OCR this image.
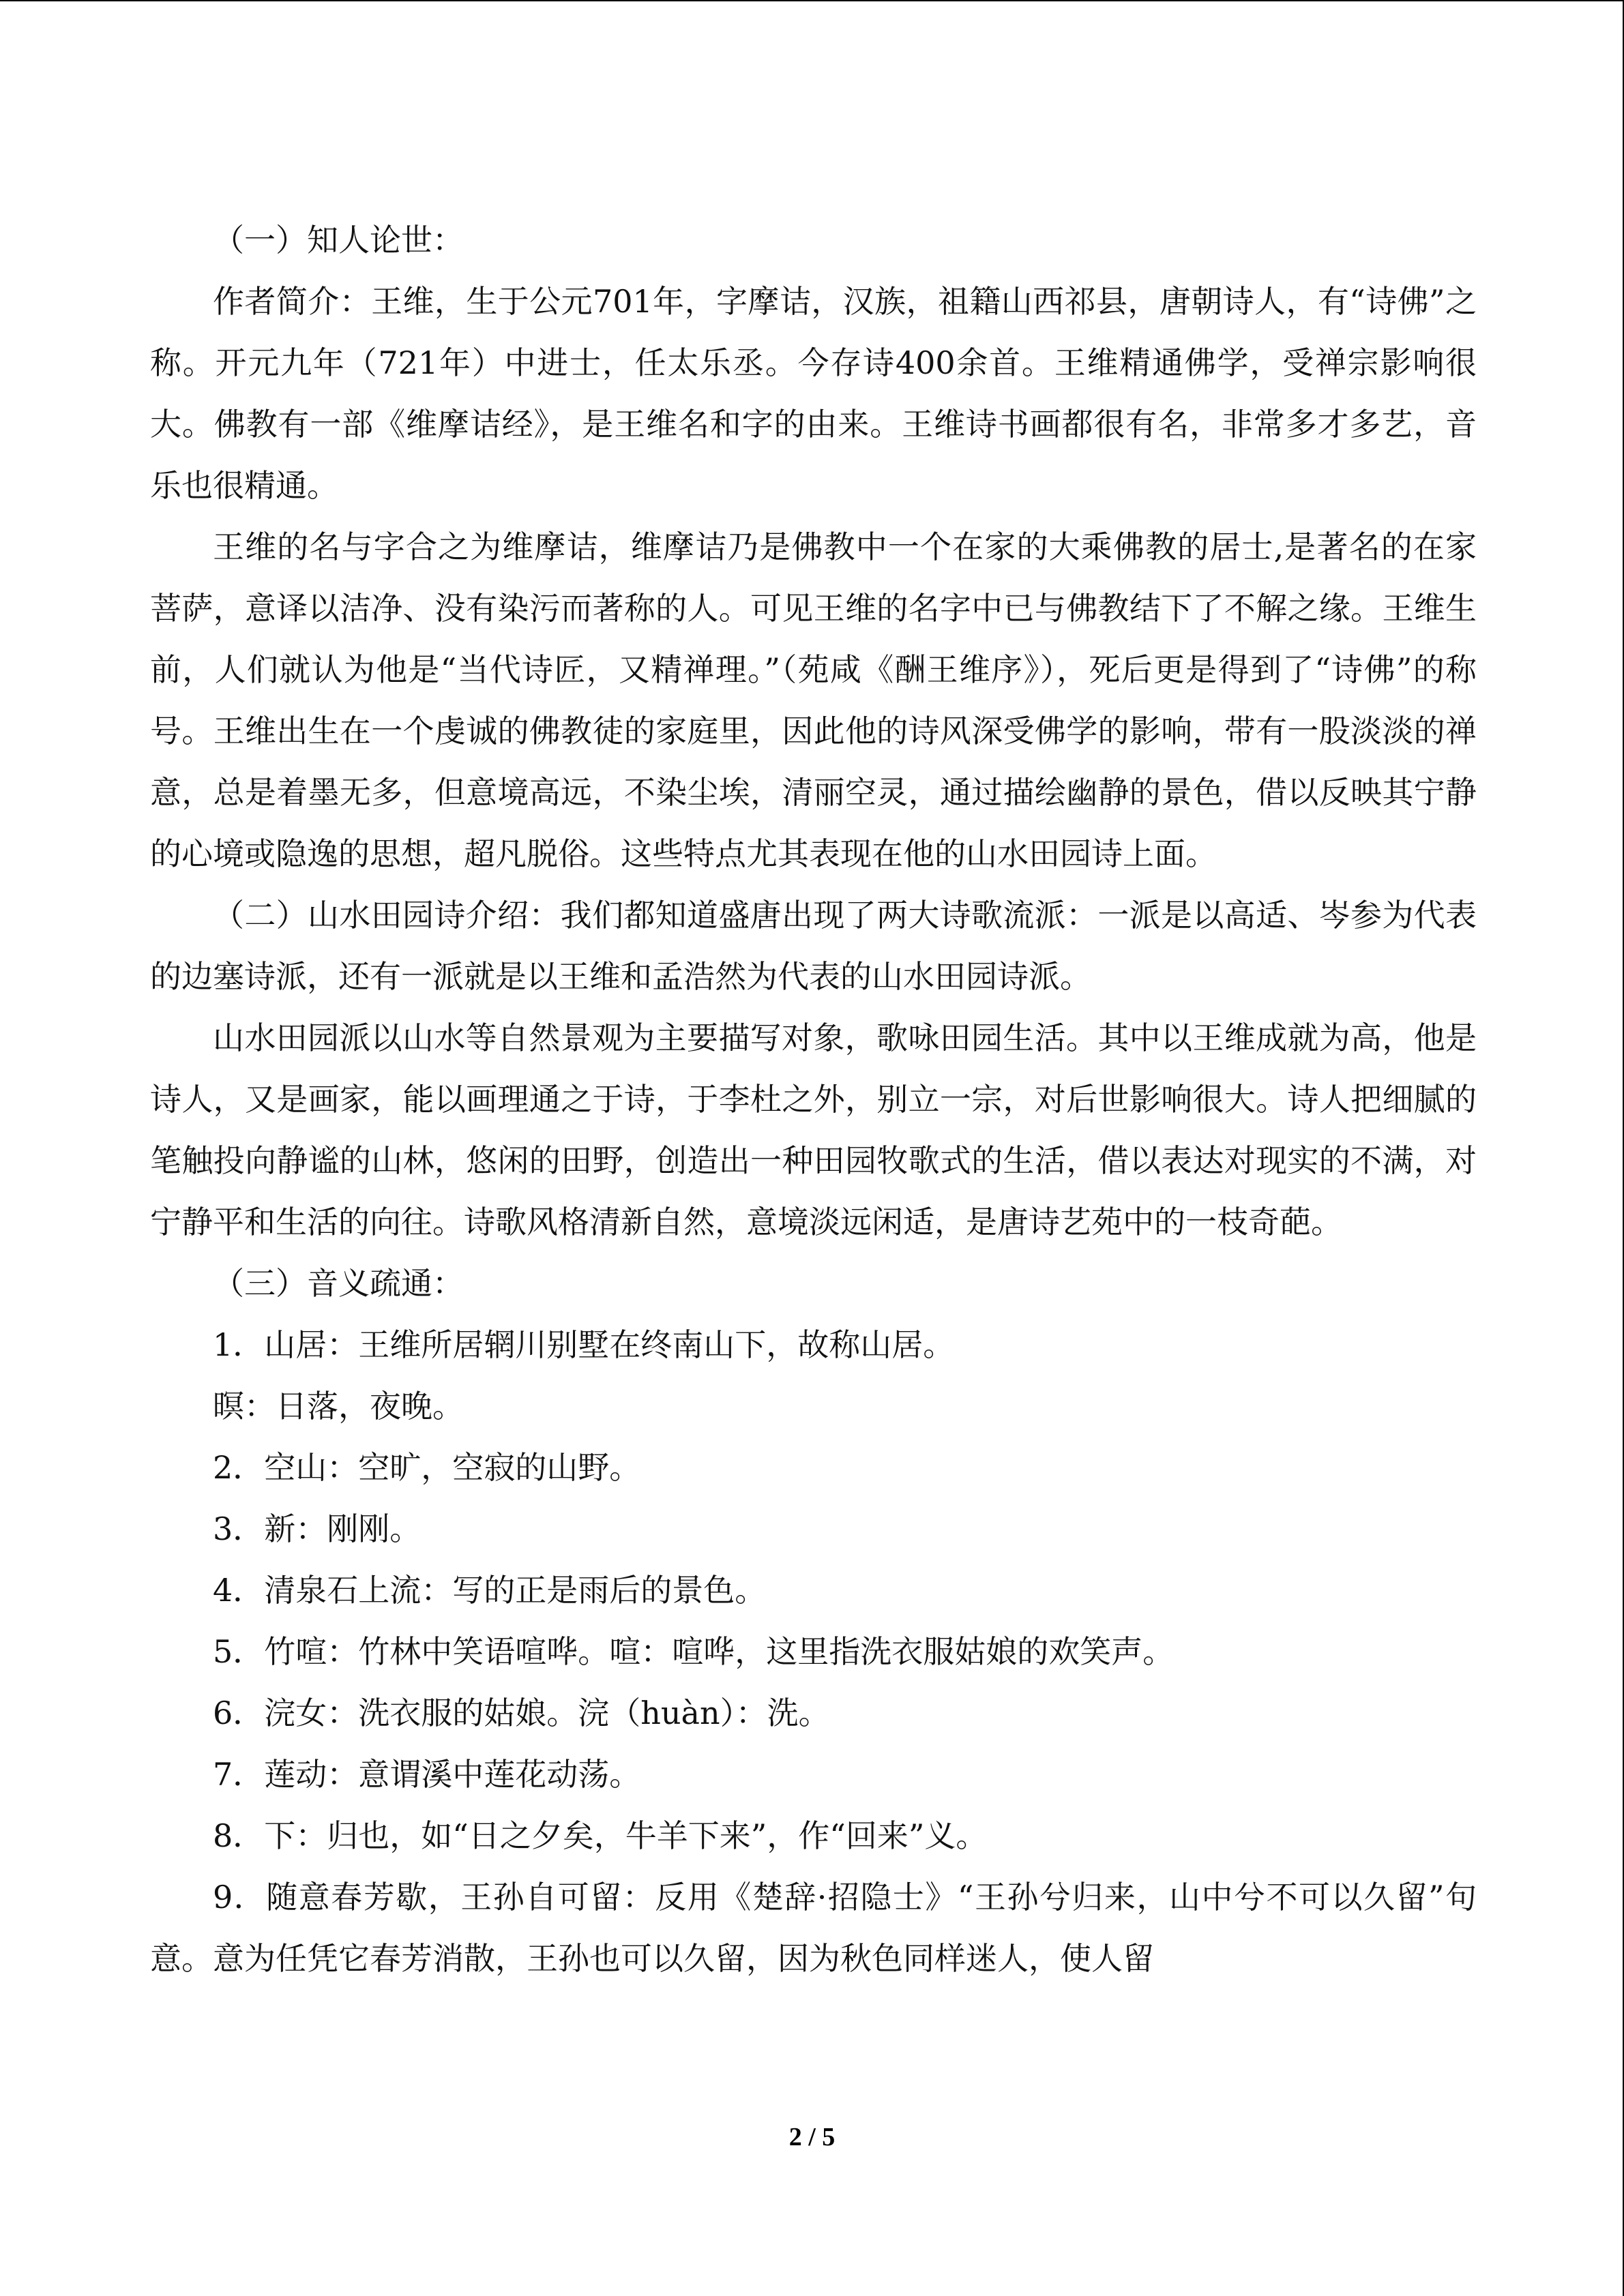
（一）知人论世：

作者简介：王维，生于公元701年，字摩诘，汉族，祖籍山西祁县，唐朝诗人，有“诗佛”之称。开元九年（721年）中进士，任太乐丞。今存诗400余首。王维精通佛学，受禅宗影响很大。佛教有一部《维摩诘经》，是王维名和字的由来。王维诗书画都很有名，非常多才多艺，音乐也很精通。

王维的名与字合之为维摩诘，维摩诘乃是佛教中一个在家的大乘佛教的居士,是著名的在家菩萨，意译以洁净、没有染污而著称的人。可见王维的名字中已与佛教结下了不解之缘。王维生前，人们就认为他是“当代诗匠，又精禅理。”（苑咸《酬王维序》），死后更是得到了“诗佛”的称号。王维出生在一个虔诚的佛教徒的家庭里，因此他的诗风深受佛学的影响，带有一股淡淡的禅意，总是着墨无多，但意境高远，不染尘埃，清丽空灵，通过描绘幽静的景色，借以反映其宁静的心境或隐逸的思想，超凡脱俗。这些特点尤其表现在他的山水田园诗上面。

（二）山水田园诗介绍：我们都知道盛唐出现了两大诗歌流派：一派是以高适、岑参为代表的边塞诗派，还有一派就是以王维和孟浩然为代表的山水田园诗派。

山水田园派以山水等自然景观为主要描写对象，歌咏田园生活。其中以王维成就为高，他是诗人，又是画家，能以画理通之于诗，于李杜之外，别立一宗，对后世影响很大。诗人把细腻的笔触投向静谧的山林，悠闲的田野，创造出一种田园牧歌式的生活，借以表达对现实的不满，对宁静平和生活的向往。诗歌风格清新自然，意境淡远闲适，是唐诗艺苑中的一枝奇葩。

（三）音义疏通：

1．山居：王维所居辋川别墅在终南山下，故称山居。

暝：日落，夜晚。

2．空山：空旷，空寂的山野。

3．新：刚刚。

4．清泉石上流：写的正是雨后的景色。

5．竹喧：竹林中笑语喧哗。喧：喧哗，这里指洗衣服姑娘的欢笑声。

6．浣女：洗衣服的姑娘。浣（huàn）：洗。

7．莲动：意谓溪中莲花动荡。

8．下：归也，如“日之夕矣，牛羊下来”，作“回来”义。

9．随意春芳歇，王孙自可留：反用《楚辞·招隐士》“王孙兮归来，山中兮不可以久留”句意。意为任凭它春芳消散，王孙也可以久留，因为秋色同样迷人，使人留

2 / 5
